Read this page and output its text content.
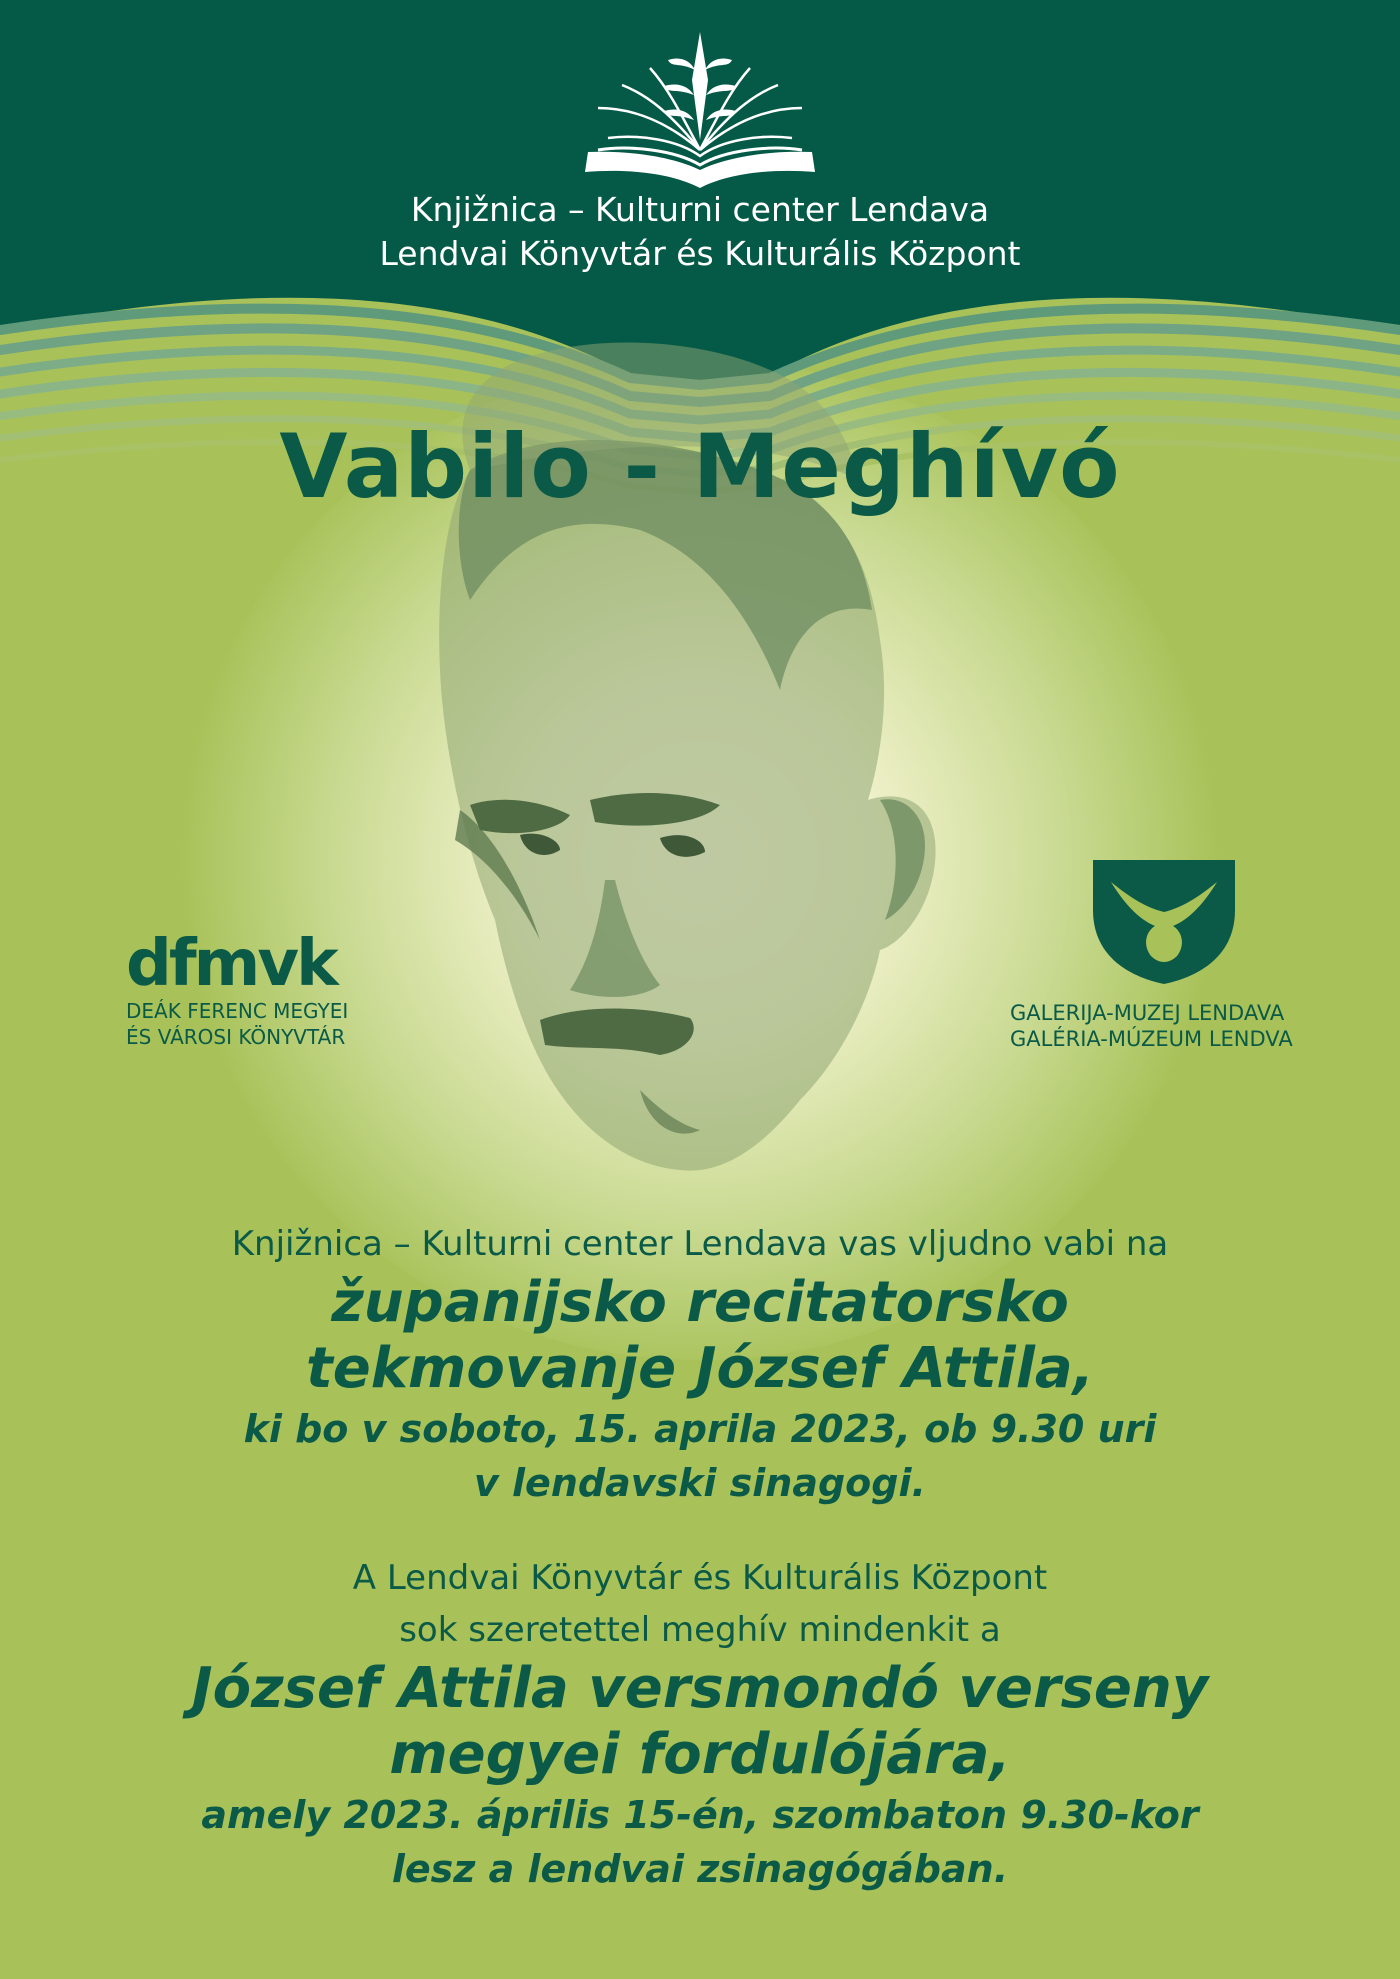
Knjižnica – Kulturni center Lendava
Lendvai Könyvtár és Kulturális Központ
Vabilo - Meghívó
dfmvk
DEÁK FERENC MEGYEI
ÉS VÁROSI KÖNYVTÁR
GALERIJA-MUZEJ LENDAVA
GALÉRIA-MÚZEUM LENDVA
Knjižnica – Kulturni center Lendava vas vljudno vabi na
županijsko recitatorsko
tekmovanje József Attila,
ki bo v soboto, 15. aprila 2023, ob 9.30 uri
v lendavski sinagogi.
A Lendvai Könyvtár és Kulturális Központ
sok szeretettel meghív mindenkit a
József Attila versmondó verseny
megyei fordulójára,
amely 2023. április 15-én, szombaton 9.30-kor
lesz a lendvai zsinagógában.
